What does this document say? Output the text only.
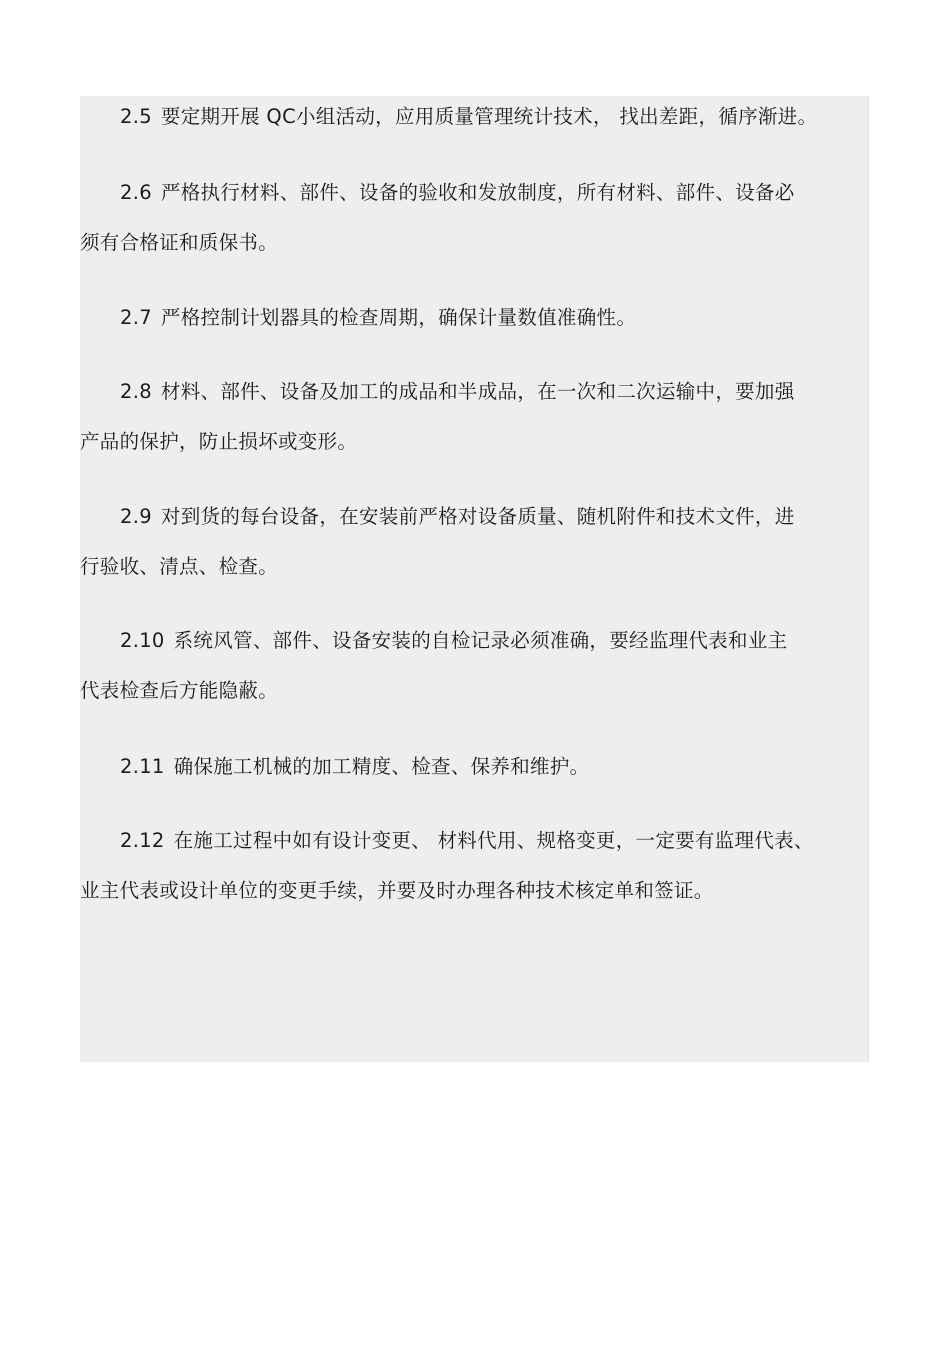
2.5 要定期开展 QC小组活动，应用质量管理统计技术， 找出差距，循序渐进。
2.6 严格执行材料、部件、设备的验收和发放制度，所有材料、部件、设备必
须有合格证和质保书。
2.7 严格控制计划器具的检查周期，确保计量数值准确性。
2.8 材料、部件、设备及加工的成品和半成品，在一次和二次运输中，要加强
产品的保护，防止损坏或变形。
2.9 对到货的每台设备，在安装前严格对设备质量、随机附件和技术文件，进
行验收、清点、检查。
2.10 系统风管、部件、设备安装的自检记录必须准确，要经监理代表和业主
代表检查后方能隐蔽。
2.11 确保施工机械的加工精度、检查、保养和维护。
2.12 在施工过程中如有设计变更、 材料代用、规格变更，一定要有监理代表、
业主代表或设计单位的变更手续，并要及时办理各种技术核定单和签证。
